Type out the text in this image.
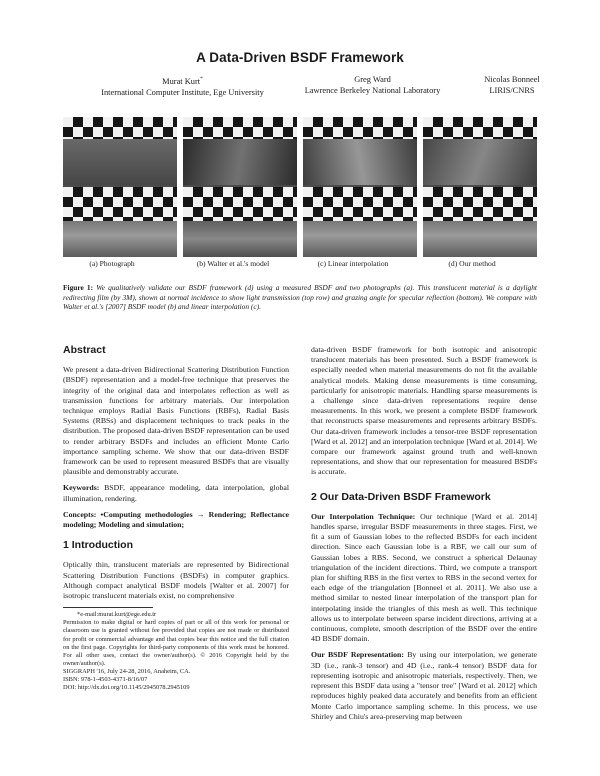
A Data-Driven BSDF Framework
Murat Kurt*
International Computer Institute, Ege University
Greg Ward
Lawrence Berkeley National Laboratory
Nicolas Bonneel
LIRIS/CNRS
(a) Photograph	(b) Walter et al.'s model	(c) Linear interpolation	(d) Our method
Figure 1: We qualitatively validate our BSDF framework (d) using a measured BSDF and two photographs (a). This translucent material is a daylight redirecting film (by 3M), shown at normal incidence to show light transmission (top row) and grazing angle for specular reflection (bottom). We compare with Walter et al.'s [2007] BSDF model (b) and linear interpolation (c).
Abstract

We present a data-driven Bidirectional Scattering Distribution Function (BSDF) representation and a model-free technique that preserves the integrity of the original data and interpolates reflection as well as transmission functions for arbitrary materials. Our interpolation technique employs Radial Basis Functions (RBFs), Radial Basis Systems (RBSs) and displacement techniques to track peaks in the distribution. The proposed data-driven BSDF representation can be used to render arbitrary BSDFs and includes an efficient Monte Carlo importance sampling scheme. We show that our data-driven BSDF framework can be used to represent measured BSDFs that are visually plausible and demonstrably accurate.

Keywords: BSDF, appearance modeling, data interpolation, global illumination, rendering.

Concepts: •Computing methodologies → Rendering; Reflectance modeling; Modeling and simulation;

1 Introduction

Optically thin, translucent materials are represented by Bidirectional Scattering Distribution Functions (BSDFs) in computer graphics. Although compact analytical BSDF models [Walter et al. 2007] for isotropic translucent materials exist, no comprehensive

*e-mail:murat.kurt@ege.edu.tr
Permission to make digital or hard copies of part or all of this work for personal or classroom use is granted without fee provided that copies are not made or distributed for profit or commercial advantage and that copies bear this notice and the full citation on the first page. Copyrights for third-party components of this work must be honored. For all other uses, contact the owner/author(s). © 2016 Copyright held by the owner/author(s).
SIGGRAPH '16, July 24-28, 2016, Anaheim, CA.
ISBN: 978-1-4503-4371-8/16/07
DOI: http://dx.doi.org/10.1145/2945078.2945109

data-driven BSDF framework for both isotropic and anisotropic translucent materials has been presented. Such a BSDF framework is especially needed when material measurements do not fit the available analytical models. Making dense measurements is time consuming, particularly for anisotropic materials. Handling sparse measurements is a challenge since data-driven representations require dense measurements. In this work, we present a complete BSDF framework that reconstructs sparse measurements and represents arbitrary BSDFs. Our data-driven framework includes a tensor-tree BSDF representation [Ward et al. 2012] and an interpolation technique [Ward et al. 2014]. We compare our framework against ground truth and well-known representations, and show that our representation for measured BSDFs is accurate.

2 Our Data-Driven BSDF Framework

Our Interpolation Technique: Our technique [Ward et al. 2014] handles sparse, irregular BSDF measurements in three stages. First, we fit a sum of Gaussian lobes to the reflected BSDFs for each incident direction. Since each Gaussian lobe is a RBF, we call our sum of Gaussian lobes a RBS. Second, we construct a spherical Delaunay triangulation of the incident directions. Third, we compute a transport plan for shifting RBS in the first vertex to RBS in the second vertex for each edge of the triangulation [Bonneel et al. 2011]. We also use a method similar to nested linear interpolation of the transport plan for interpolating inside the triangles of this mesh as well. This technique allows us to interpolate between sparse incident directions, arriving at a continuous, complete, smooth description of the BSDF over the entire 4D BSDF domain.

Our BSDF Representation: By using our interpolation, we generate 3D (i.e., rank-3 tensor) and 4D (i.e., rank-4 tensor) BSDF data for representing isotropic and anisotropic materials, respectively. Then, we represent this BSDF data using a "tensor tree" [Ward et al. 2012] which reproduces highly peaked data accurately and benefits from an efficient Monte Carlo importance sampling scheme. In this process, we use Shirley and Chiu's area-preserving map between
